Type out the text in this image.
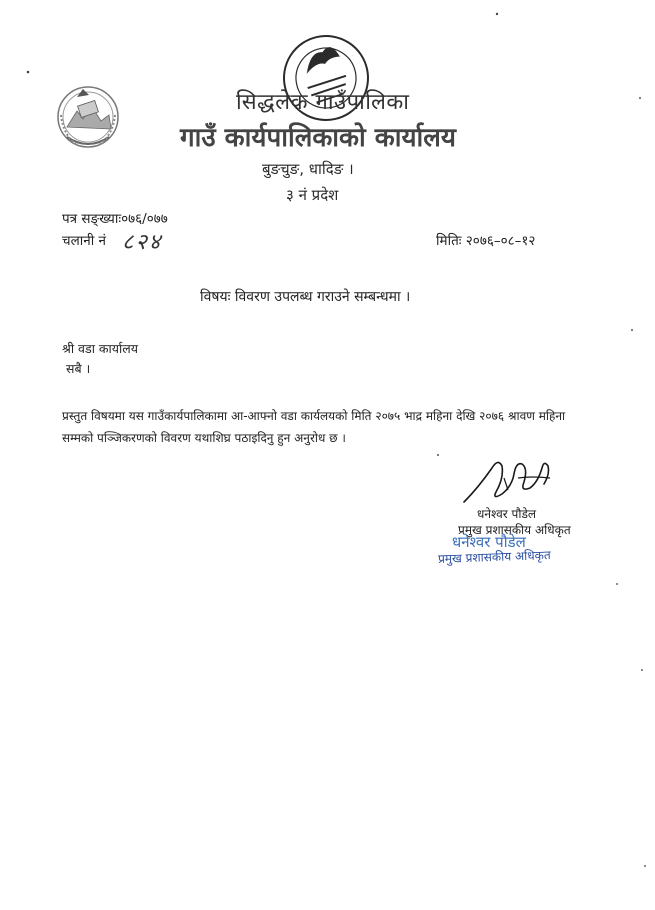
सिद्धलेक गाउँपालिका
गाउँ कार्यपालिकाको कार्यालय
बुङचुङ, धादिङ ।
३ नं प्रदेश
पत्र सङ्ख्याः०७६/०७७
चलानी नं ८२४	मितिः २०७६–०८–१२
विषयः विवरण उपलब्ध गराउने सम्बन्धमा ।
श्री वडा कार्यालय
सबै ।
प्रस्तुत विषयमा यस गाउँकार्यपालिकामा आ-आफ्नो वडा कार्यलयको मिति २०७५ भाद्र महिना देखि २०७६ श्रावण महिना सम्मको पञ्जिकरणको विवरण यथाशिघ्र पठाइदिनु हुन अनुरोध छ ।
धनेश्वर पौडेल
प्रमुख प्रशासकीय अधिकृत
धनेश्वर पौडेल
प्रमुख प्रशासकीय अधिकृत
